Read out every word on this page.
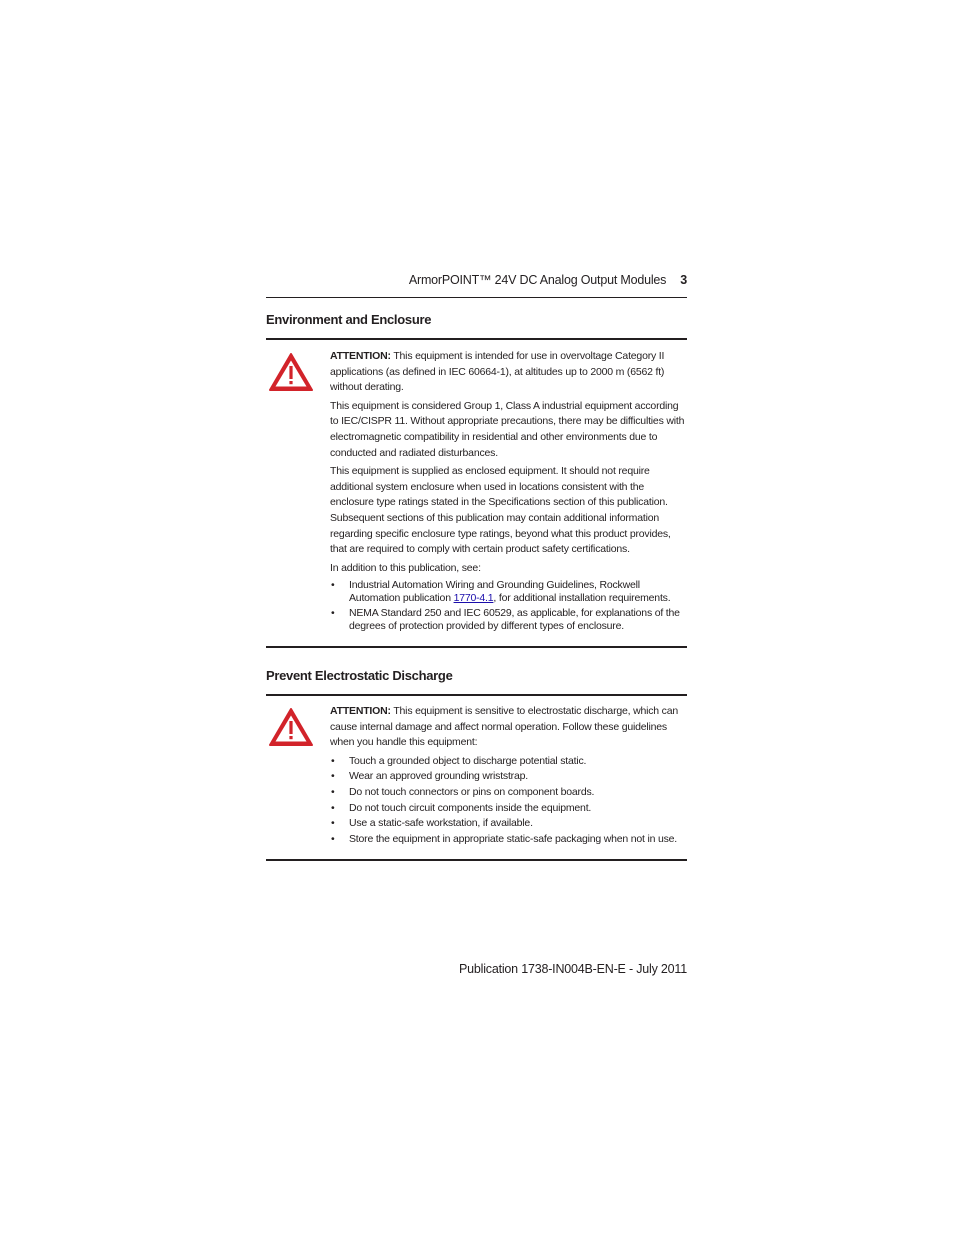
ArmorPOINT™ 24V DC Analog Output Modules 3
Environment and Enclosure

ATTENTION: This equipment is intended for use in overvoltage Category II applications (as defined in IEC 60664-1), at altitudes up to 2000 m (6562 ft) without derating.

This equipment is considered Group 1, Class A industrial equipment according to IEC/CISPR 11. Without appropriate precautions, there may be difficulties with electromagnetic compatibility in residential and other environments due to conducted and radiated disturbances.

This equipment is supplied as enclosed equipment. It should not require additional system enclosure when used in locations consistent with the enclosure type ratings stated in the Specifications section of this publication. Subsequent sections of this publication may contain additional information regarding specific enclosure type ratings, beyond what this product provides, that are required to comply with certain product safety certifications.

In addition to this publication, see:

• Industrial Automation Wiring and Grounding Guidelines, Rockwell Automation publication 1770-4.1, for additional installation requirements.
• NEMA Standard 250 and IEC 60529, as applicable, for explanations of the degrees of protection provided by different types of enclosure.
Prevent Electrostatic Discharge

ATTENTION: This equipment is sensitive to electrostatic discharge, which can cause internal damage and affect normal operation. Follow these guidelines when you handle this equipment:

• Touch a grounded object to discharge potential static.
• Wear an approved grounding wriststrap.
• Do not touch connectors or pins on component boards.
• Do not touch circuit components inside the equipment.
• Use a static-safe workstation, if available.
• Store the equipment in appropriate static-safe packaging when not in use.
Publication 1738-IN004B-EN-E - July 2011
